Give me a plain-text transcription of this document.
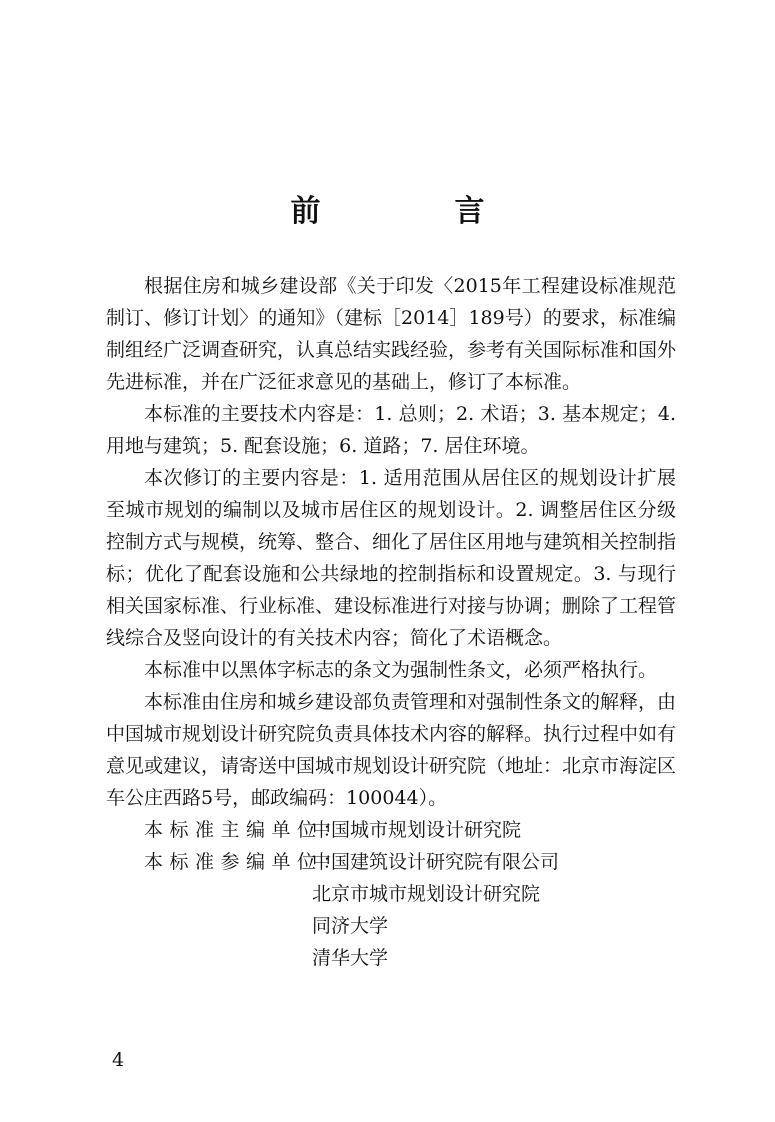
前　言

根据住房和城乡建设部《关于印发〈2015年工程建设标准规范制订、修订计划〉的通知》（建标［2014］189号）的要求，标准编制组经广泛调查研究，认真总结实践经验，参考有关国际标准和国外先进标准，并在广泛征求意见的基础上，修订了本标准。

本标准的主要技术内容是：1. 总则；2. 术语；3. 基本规定；4. 用地与建筑；5. 配套设施；6. 道路；7. 居住环境。

本次修订的主要内容是：1. 适用范围从居住区的规划设计扩展至城市规划的编制以及城市居住区的规划设计。2. 调整居住区分级控制方式与规模，统筹、整合、细化了居住区用地与建筑相关控制指标；优化了配套设施和公共绿地的控制指标和设置规定。3. 与现行相关国家标准、行业标准、建设标准进行对接与协调；删除了工程管线综合及竖向设计的有关技术内容；简化了术语概念。

本标准中以黑体字标志的条文为强制性条文，必须严格执行。

本标准由住房和城乡建设部负责管理和对强制性条文的解释，由中国城市规划设计研究院负责具体技术内容的解释。执行过程中如有意见或建议，请寄送中国城市规划设计研究院（地址：北京市海淀区车公庄西路5号，邮政编码：100044）。

本标准主编单位：
中国城市规划设计研究院
本标准参编单位：
中国建筑设计研究院有限公司
北京市城市规划设计研究院
同济大学
清华大学
4
